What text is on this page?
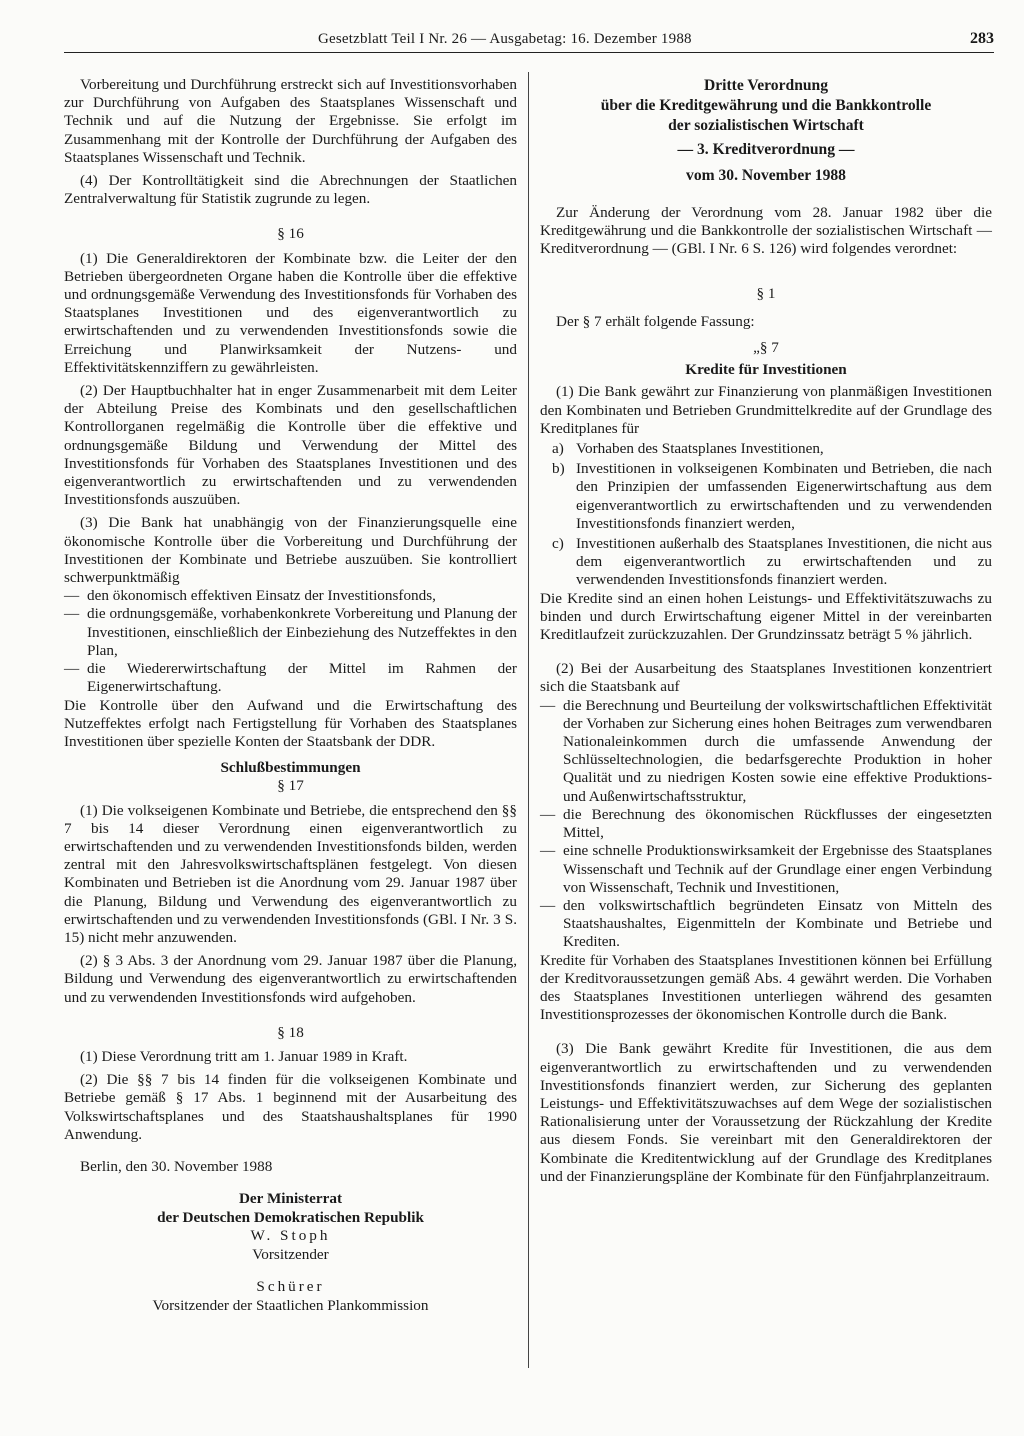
Gesetzblatt Teil I Nr. 26 — Ausgabetag: 16. Dezember 1988	283

Vorbereitung und Durchführung erstreckt sich auf Investitionsvorhaben zur Durchführung von Aufgaben des Staatsplanes Wissenschaft und Technik und auf die Nutzung der Ergebnisse. Sie erfolgt im Zusammenhang mit der Kontrolle der Durchführung der Aufgaben des Staatsplanes Wissenschaft und Technik.

(4) Der Kontrolltätigkeit sind die Abrechnungen der Staatlichen Zentralverwaltung für Statistik zugrunde zu legen.

§ 16

(1) Die Generaldirektoren der Kombinate bzw. die Leiter der den Betrieben übergeordneten Organe haben die Kontrolle über die effektive und ordnungsgemäße Verwendung des Investitionsfonds für Vorhaben des Staatsplanes Investitionen und des eigenverantwortlich zu erwirtschaftenden und zu verwendenden Investitionsfonds sowie die Erreichung und Planwirksamkeit der Nutzens- und Effektivitätskennziffern zu gewährleisten.

(2) Der Hauptbuchhalter hat in enger Zusammenarbeit mit dem Leiter der Abteilung Preise des Kombinats und den gesellschaftlichen Kontrollorganen regelmäßig die Kontrolle über die effektive und ordnungsgemäße Bildung und Verwendung der Mittel des Investitionsfonds für Vorhaben des Staatsplanes Investitionen und des eigenverantwortlich zu erwirtschaftenden und zu verwendenden Investitionsfonds auszuüben.

(3) Die Bank hat unabhängig von der Finanzierungsquelle eine ökonomische Kontrolle über die Vorbereitung und Durchführung der Investitionen der Kombinate und Betriebe auszuüben. Sie kontrolliert schwerpunktmäßig

— den ökonomisch effektiven Einsatz der Investitionsfonds,
— die ordnungsgemäße, vorhabenkonkrete Vorbereitung und Planung der Investitionen, einschließlich der Einbeziehung des Nutzeffektes in den Plan,
— die Wiedererwirtschaftung der Mittel im Rahmen der Eigenerwirtschaftung.

Die Kontrolle über den Aufwand und die Erwirtschaftung des Nutzeffektes erfolgt nach Fertigstellung für Vorhaben des Staatsplanes Investitionen über spezielle Konten der Staatsbank der DDR.

Schlußbestimmungen

§ 17

(1) Die volkseigenen Kombinate und Betriebe, die entsprechend den §§ 7 bis 14 dieser Verordnung einen eigenverantwortlich zu erwirtschaftenden und zu verwendenden Investitionsfonds bilden, werden zentral mit den Jahresvolkswirtschaftsplänen festgelegt. Von diesen Kombinaten und Betrieben ist die Anordnung vom 29. Januar 1987 über die Planung, Bildung und Verwendung des eigenverantwortlich zu erwirtschaftenden und zu verwendenden Investitionsfonds (GBl. I Nr. 3 S. 15) nicht mehr anzuwenden.

(2) § 3 Abs. 3 der Anordnung vom 29. Januar 1987 über die Planung, Bildung und Verwendung des eigenverantwortlich zu erwirtschaftenden und zu verwendenden Investitionsfonds wird aufgehoben.

§ 18

(1) Diese Verordnung tritt am 1. Januar 1989 in Kraft.

(2) Die §§ 7 bis 14 finden für die volkseigenen Kombinate und Betriebe gemäß § 17 Abs. 1 beginnend mit der Ausarbeitung des Volkswirtschaftsplanes und des Staatshaushaltsplanes für 1990 Anwendung.

Berlin, den 30. November 1988

Der Ministerrat

der Deutschen Demokratischen Republik

W. Stoph

Vorsitzender

Schürer

Vorsitzender der Staatlichen Plankommission

Dritte Verordnung

über die Kreditgewährung und die Bankkontrolle

der sozialistischen Wirtschaft

— 3. Kreditverordnung —

vom 30. November 1988

Zur Änderung der Verordnung vom 28. Januar 1982 über die Kreditgewährung und die Bankkontrolle der sozialistischen Wirtschaft — Kreditverordnung — (GBl. I Nr. 6 S. 126) wird folgendes verordnet:

§ 1

Der § 7 erhält folgende Fassung:

„§ 7

Kredite für Investitionen

(1) Die Bank gewährt zur Finanzierung von planmäßigen Investitionen den Kombinaten und Betrieben Grundmittelkredite auf der Grundlage des Kreditplanes für

a) Vorhaben des Staatsplanes Investitionen,
b) Investitionen in volkseigenen Kombinaten und Betrieben, die nach den Prinzipien der umfassenden Eigenerwirtschaftung aus dem eigenverantwortlich zu erwirtschaftenden und zu verwendenden Investitionsfonds finanziert werden,
c) Investitionen außerhalb des Staatsplanes Investitionen, die nicht aus dem eigenverantwortlich zu erwirtschaftenden und zu verwendenden Investitionsfonds finanziert werden.

Die Kredite sind an einen hohen Leistungs- und Effektivitätszuwachs zu binden und durch Erwirtschaftung eigener Mittel in der vereinbarten Kreditlaufzeit zurückzuzahlen. Der Grundzinssatz beträgt 5 % jährlich.

(2) Bei der Ausarbeitung des Staatsplanes Investitionen konzentriert sich die Staatsbank auf

— die Berechnung und Beurteilung der volkswirtschaftlichen Effektivität der Vorhaben zur Sicherung eines hohen Beitrages zum verwendbaren Nationaleinkommen durch die umfassende Anwendung der Schlüsseltechnologien, die bedarfsgerechte Produktion in hoher Qualität und zu niedrigen Kosten sowie eine effektive Produktions- und Außenwirtschaftsstruktur,
— die Berechnung des ökonomischen Rückflusses der eingesetzten Mittel,
— eine schnelle Produktionswirksamkeit der Ergebnisse des Staatsplanes Wissenschaft und Technik auf der Grundlage einer engen Verbindung von Wissenschaft, Technik und Investitionen,
— den volkswirtschaftlich begründeten Einsatz von Mitteln des Staatshaushaltes, Eigenmitteln der Kombinate und Betriebe und Krediten.

Kredite für Vorhaben des Staatsplanes Investitionen können bei Erfüllung der Kreditvoraussetzungen gemäß Abs. 4 gewährt werden. Die Vorhaben des Staatsplanes Investitionen unterliegen während des gesamten Investitionsprozesses der ökonomischen Kontrolle durch die Bank.

(3) Die Bank gewährt Kredite für Investitionen, die aus dem eigenverantwortlich zu erwirtschaftenden und zu verwendenden Investitionsfonds finanziert werden, zur Sicherung des geplanten Leistungs- und Effektivitätszuwachses auf dem Wege der sozialistischen Rationalisierung unter der Voraussetzung der Rückzahlung der Kredite aus diesem Fonds. Sie vereinbart mit den Generaldirektoren der Kombinate die Kreditentwicklung auf der Grundlage des Kreditplanes und der Finanzierungspläne der Kombinate für den Fünfjahrplanzeitraum.
